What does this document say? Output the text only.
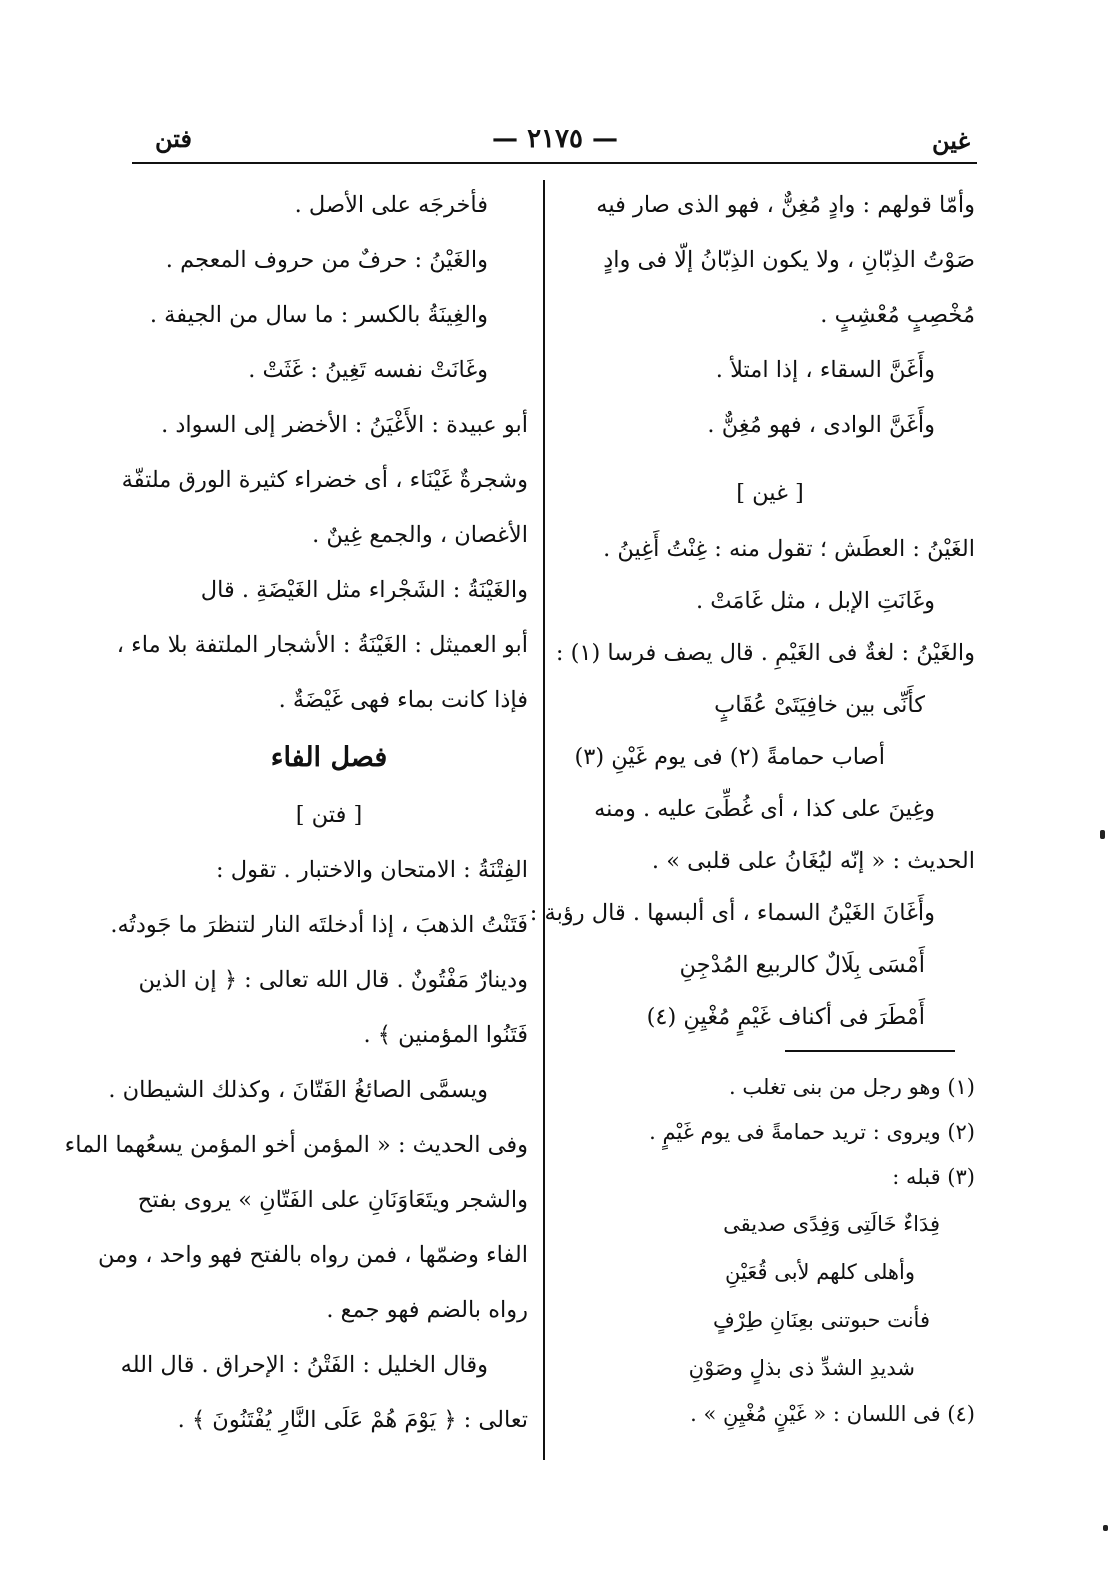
فتن	— ٢١٧٥ —	غين
وأمّا قولهم : وادٍ مُغِنٌّ ، فهو الذى صار فيه
صَوْتُ الذِبّانِ ، ولا يكون الذِبّانُ إلّا فى وادٍ
مُخْصِبٍ مُعْشِبٍ .
وأَغَنَّ السقاء ، إذا امتلأ .
وأَغَنَّ الوادى ، فهو مُغِنٌّ .
[ غين ]
الغَيْنُ : العطَش ؛ تقول منه : غِنْتُ أَغِينُ .
وغَانَتِ الإبل ، مثل غَامَتْ .
والغَيْنُ : لغةٌ فى الغَيْمِ . قال يصف فرسا (١) :
كأَنِّى بين خافِيَتَىْ عُقَابٍ
أصاب حمامةً (٢) فى يوم غَيْنِ (٣)
وغِينَ على كذا ، أى غُطِّىَ عليه . ومنه
الحديث : « إنّه ليُغَانُ على قلبى » .
وأَغَانَ الغَيْنُ السماء ، أى ألبسها . قال رؤبة :
أَمْسَى بِلَالٌ كالربيع المُدْجِنِ
أَمْطَرَ فى أكناف غَيْمٍ مُغْيِنِ (٤)
(١) وهو رجل من بنى تغلب .
(٢) ويروى : تريد حمامةً فى يوم غَيْمٍ .
(٣) قبله :
فِدَاءٌ خَالَتِى وَفِدًى صديقى
وأهلى كلهم لأبى قُعَيْنِ
فأنت حبوتنى بعِنَانِ طِرْفٍ
شديدِ الشدِّ ذى بذلٍ وصَوْنِ
(٤) فى اللسان : « غَيْنٍ مُغْيِنِ » .
فأخرجَه على الأصل .
والغَيْنُ : حرفٌ من حروف المعجم .
والغِينَةُ بالكسر : ما سال من الجيفة .
وغَانَتْ نفسه تَغِينُ : غَثَتْ .
أبو عبيدة : الأَغْيَنُ : الأخضر إلى السواد .
وشجرةٌ غَيْنَاء ، أى خضراء كثيرة الورق ملتفّة
الأغصان ، والجمع غِينٌ .
والغَيْنَةُ : الشَجْراء مثل الغَيْضَةِ . قال
أبو العميثل : الغَيْنَةُ : الأشجار الملتفة بلا ماء ،
فإذا كانت بماء فهى غَيْضَةٌ .
فصل الفاء
[ فتن ]
الفِتْنَةُ : الامتحان والاختبار . تقول :
فَتَنْتُ الذهبَ ، إذا أدخلتَه النار لتنظرَ ما جَودتُه.
ودينارٌ مَفْتُونٌ . قال الله تعالى : ﴿ إن الذين
فَتَنُوا المؤمنين ﴾ .
ويسمَّى الصائغُ الفَتّانَ ، وكذلك الشيطان .
وفى الحديث : « المؤمن أخو المؤمن يسعُهما الماء
والشجر ويتَعَاوَنَانِ على الفَتّانِ » يروى بفتح
الفاء وضمّها ، فمن رواه بالفتح فهو واحد ، ومن
رواه بالضم فهو جمع .
وقال الخليل : الفَتْنُ : الإحراق . قال الله
تعالى : ﴿ يَوْمَ هُمْ عَلَى النَّارِ يُفْتَنُونَ ﴾ .
